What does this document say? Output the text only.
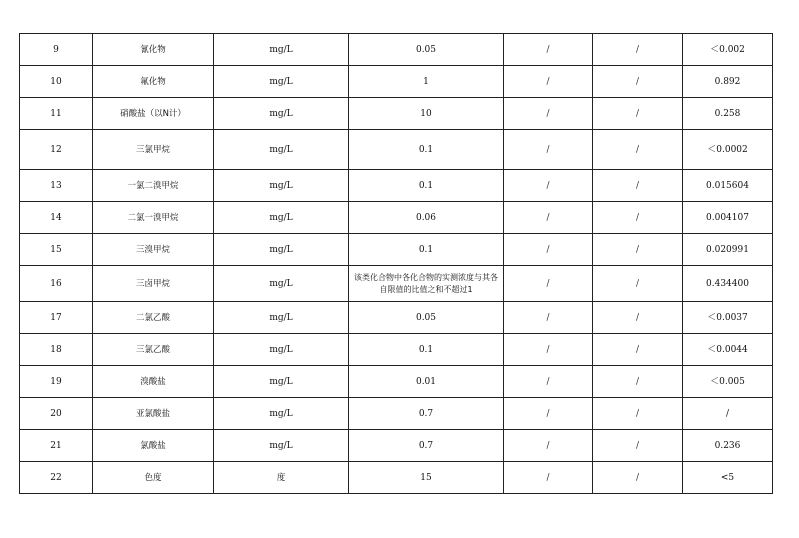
9	氰化物	mg/L	0.05	/	/	＜0.002
10	氟化物	mg/L	1	/	/	0.892
11	硝酸盐（以N计）	mg/L	10	/	/	0.258
12	三氯甲烷	mg/L	0.1	/	/	＜0.0002
13	一氯二溴甲烷	mg/L	0.1	/	/	0.015604
14	二氯一溴甲烷	mg/L	0.06	/	/	0.004107
15	三溴甲烷	mg/L	0.1	/	/	0.020991
16	三卤甲烷	mg/L	该类化合物中各化合物的实测浓度与其各自限值的比值之和不超过1	/	/	0.434400
17	二氯乙酸	mg/L	0.05	/	/	＜0.0037
18	三氯乙酸	mg/L	0.1	/	/	＜0.0044
19	溴酸盐	mg/L	0.01	/	/	＜0.005
20	亚氯酸盐	mg/L	0.7	/	/	/
21	氯酸盐	mg/L	0.7	/	/	0.236
22	色度	度	15	/	/	<5
